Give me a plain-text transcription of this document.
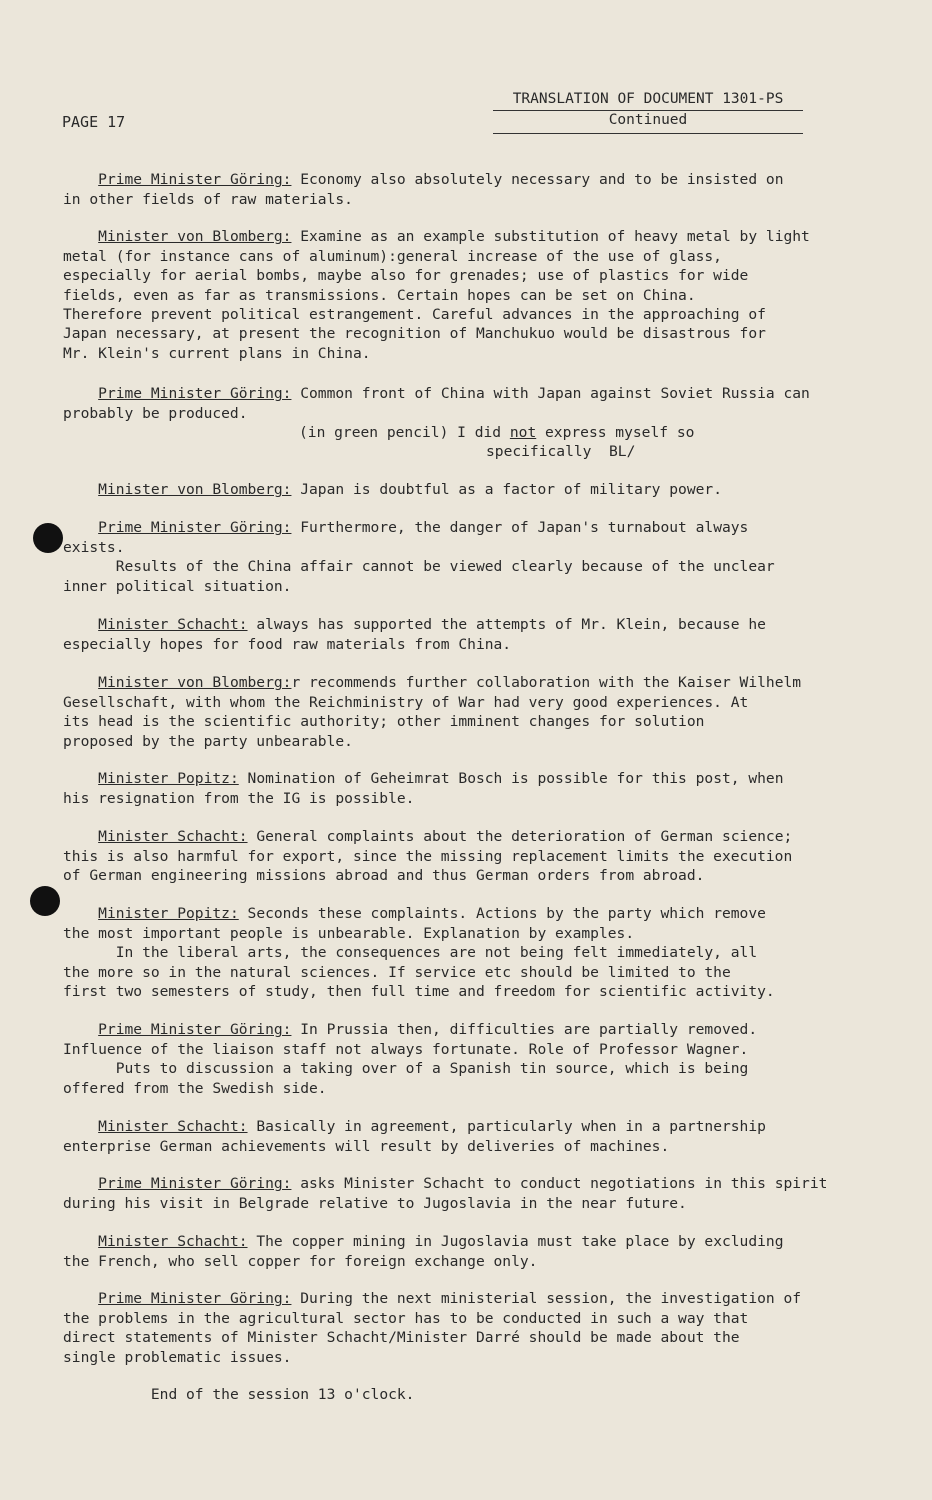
TRANSLATION OF DOCUMENT 1301-PS
Continued
PAGE 17

Prime Minister Göring: Economy also absolutely necessary and to be insisted on
in other fields of raw materials.

Minister von Blomberg: Examine as an example substitution of heavy metal by light
metal (for instance cans of aluminum):general increase of the use of glass,
especially for aerial bombs, maybe also for grenades; use of plastics for wide
fields, even as far as transmissions. Certain hopes can be set on China.
Therefore prevent political estrangement. Careful advances in the approaching of
Japan necessary, at present the recognition of Manchukuo would be disastrous for
Mr. Klein's current plans in China.

Prime Minister Göring: Common front of China with Japan against Soviet Russia can
probably be produced.

(in green pencil) I did not express myself so
specifically  BL/

Minister von Blomberg: Japan is doubtful as a factor of military power.

Prime Minister Göring: Furthermore, the danger of Japan's turnabout always
exists.
Results of the China affair cannot be viewed clearly because of the unclear
inner political situation.

Minister Schacht: always has supported the attempts of Mr. Klein, because he
especially hopes for food raw materials from China.

Minister von Blomberg:r recommends further collaboration with the Kaiser Wilhelm
Gesellschaft, with whom the Reichministry of War had very good experiences. At
its head is the scientific authority; other imminent changes for solution
proposed by the party unbearable.

Minister Popitz: Nomination of Geheimrat Bosch is possible for this post, when
his resignation from the IG is possible.

Minister Schacht: General complaints about the deterioration of German science;
this is also harmful for export, since the missing replacement limits the execution
of German engineering missions abroad and thus German orders from abroad.

Minister Popitz: Seconds these complaints. Actions by the party which remove
the most important people is unbearable. Explanation by examples.
In the liberal arts, the consequences are not being felt immediately, all
the more so in the natural sciences. If service etc should be limited to the
first two semesters of study, then full time and freedom for scientific activity.

Prime Minister Göring: In Prussia then, difficulties are partially removed.
Influence of the liaison staff not always fortunate. Role of Professor Wagner.
Puts to discussion a taking over of a Spanish tin source, which is being
offered from the Swedish side.

Minister Schacht: Basically in agreement, particularly when in a partnership
enterprise German achievements will result by deliveries of machines.

Prime Minister Göring: asks Minister Schacht to conduct negotiations in this spirit
during his visit in Belgrade relative to Jugoslavia in the near future.

Minister Schacht: The copper mining in Jugoslavia must take place by excluding
the French, who sell copper for foreign exchange only.

Prime Minister Göring: During the next ministerial session, the investigation of
the problems in the agricultural sector has to be conducted in such a way that
direct statements of Minister Schacht/Minister Darré should be made about the
single problematic issues.

End of the session 13 o'clock.
